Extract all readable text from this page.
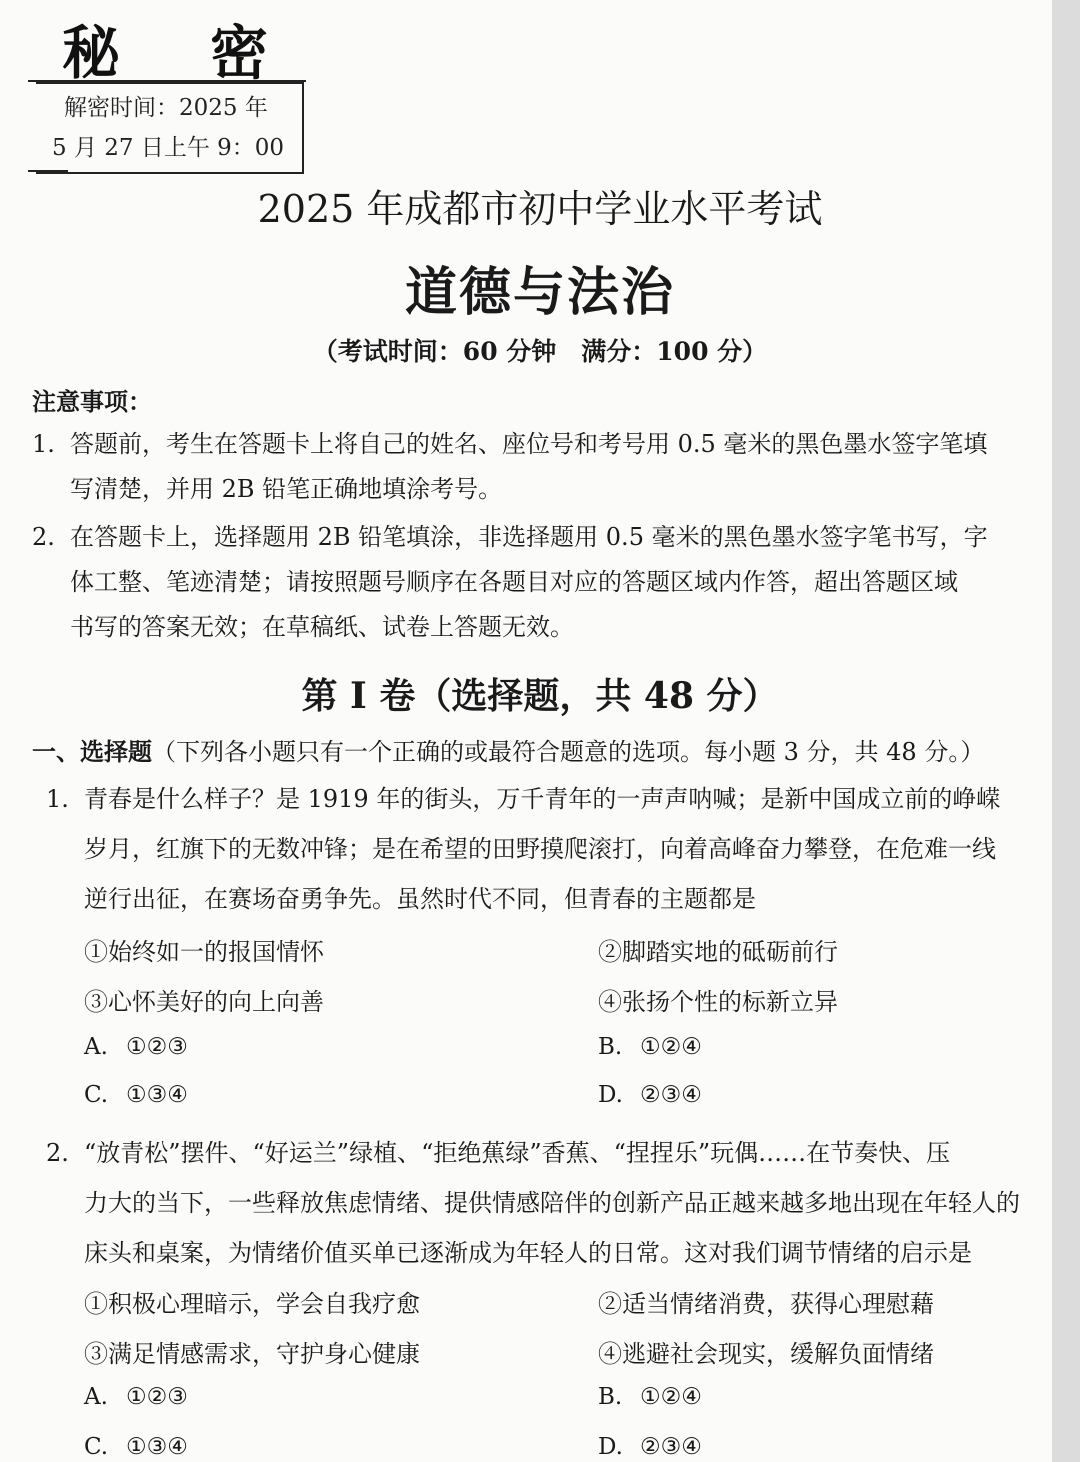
秘 密
解密时间：2025 年
5 月 27 日上午 9：00
2025 年成都市初中学业水平考试
道德与法治
（考试时间：60 分钟　满分：100 分）
注意事项：
1. 答题前，考生在答题卡上将自己的姓名、座位号和考号用 0.5 毫米的黑色墨水签字笔填
写清楚，并用 2B 铅笔正确地填涂考号。
2. 在答题卡上，选择题用 2B 铅笔填涂，非选择题用 0.5 毫米的黑色墨水签字笔书写，字
体工整、笔迹清楚；请按照题号顺序在各题目对应的答题区域内作答，超出答题区域
书写的答案无效；在草稿纸、试卷上答题无效。
第 I 卷（选择题，共 48 分）
一、选择题（下列各小题只有一个正确的或最符合题意的选项。每小题 3 分，共 48 分。）
1. 青春是什么样子？是 1919 年的街头，万千青年的一声声呐喊；是新中国成立前的峥嵘
岁月，红旗下的无数冲锋；是在希望的田野摸爬滚打，向着高峰奋力攀登，在危难一线
逆行出征，在赛场奋勇争先。虽然时代不同，但青春的主题都是
①始终如一的报国情怀	②脚踏实地的砥砺前行
③心怀美好的向上向善	④张扬个性的标新立异
A. ①②③	B. ①②④
C. ①③④	D. ②③④
2. “放青松”摆件、“好运兰”绿植、“拒绝蕉绿”香蕉、“捏捏乐”玩偶……在节奏快、压
力大的当下，一些释放焦虑情绪、提供情感陪伴的创新产品正越来越多地出现在年轻人的
床头和桌案，为情绪价值买单已逐渐成为年轻人的日常。这对我们调节情绪的启示是
①积极心理暗示，学会自我疗愈	②适当情绪消费，获得心理慰藉
③满足情感需求，守护身心健康	④逃避社会现实，缓解负面情绪
A. ①②③	B. ①②④
C. ①③④	D. ②③④
